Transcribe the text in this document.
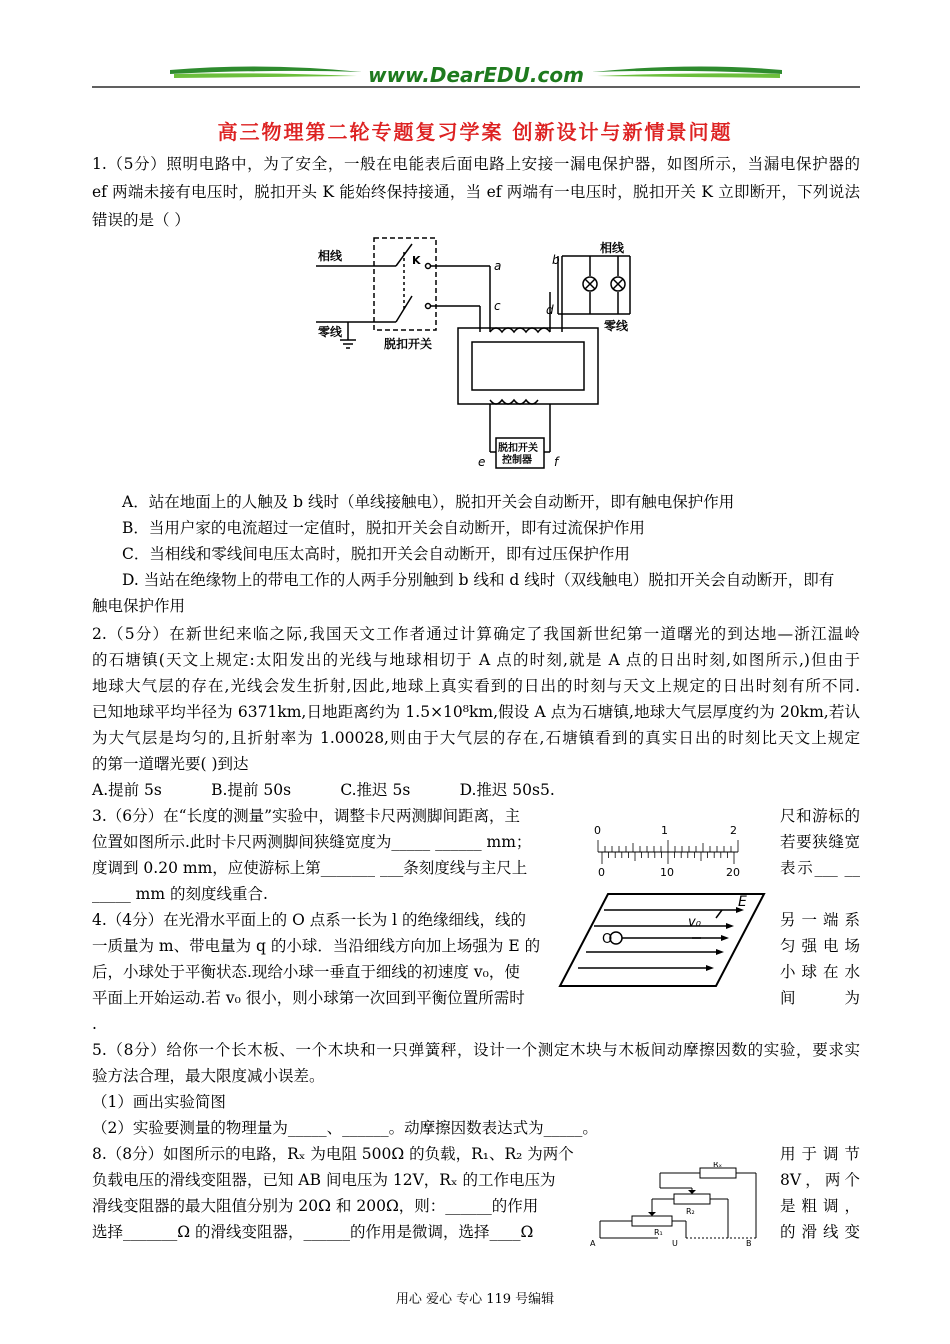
www.DearEDU.com
高三物理第二轮专题复习学案 创新设计与新情景问题
1.（5分）照明电路中，为了安全，一般在电能表后面电路上安接一漏电保护器，如图所示，当漏电保护器的
ef 两端未接有电压时，脱扣开头 K 能始终保持接通，当 ef 两端有一电压时，脱扣开关 K 立即断开，下列说法
错误的是（ ）
相线
零线
脱扣开关
K	a
c
b
d
相线
零线
脱扣开关
控制器
e	f
A．站在地面上的人触及 b 线时（单线接触电），脱扣开关会自动断开，即有触电保护作用
B．当用户家的电流超过一定值时，脱扣开关会自动断开，即有过流保护作用
C．当相线和零线间电压太高时，脱扣开关会自动断开，即有过压保护作用
D. 当站在绝缘物上的带电工作的人两手分别触到 b 线和 d 线时（双线触电）脱扣开关会自动断开，即有
触电保护作用
2.（5分）在新世纪来临之际,我国天文工作者通过计算确定了我国新世纪第一道曙光的到达地—浙江温岭
的石塘镇(天文上规定:太阳发出的光线与地球相切于 A 点的时刻,就是 A 点的日出时刻,如图所示,)但由于
地球大气层的存在,光线会发生折射,因此,地球上真实看到的日出的时刻与天文上规定的日出时刻有所不同.
已知地球平均半径为 6371km,日地距离约为 1.5×10⁸km,假设 A 点为石塘镇,地球大气层厚度约为 20km,若认
为大气层是均匀的,且折射率为 1.00028,则由于大气层的存在,石塘镇看到的真实日出的时刻比天文上规定
的第一道曙光要( )到达
A.提前 5s          B.提前 50s          C.推迟 5s          D.推迟 50s5.
3.（6分）在“长度的测量”实验中，调整卡尺两测脚间距离，主	尺和游标的
位置如图所示.此时卡尺两测脚间狭缝宽度为_____ ______ mm；	若要狭缝宽
度调到 0.20 mm，应使游标上第_______ ___条刻度线与主尺上	表示___ __
_____ mm 的刻度线重合.
0	1	2
0	10	20
4.（4分）在光滑水平面上的 O 点系一长为 l 的绝缘细线，线的	另一端系
一质量为 m、带电量为 q 的小球．当沿细线方向加上场强为 E 的	匀强电场
后，小球处于平衡状态.现给小球一垂直于细线的初速度 v₀，使	小球在水
平面上开始运动.若 v₀ 很小，则小球第一次回到平衡位置所需时	间为
.
O
v₀
E
5.（8分）给你一个长木板、一个木块和一只弹簧秤，设计一个测定木块与木板间动摩擦因数的实验，要求实
验方法合理，最大限度减小误差。
（1）画出实验简图
（2）实验要测量的物理量为_____、______。动摩擦因数表达式为_____。
8.（8分）如图所示的电路，Rₓ 为电阻 500Ω 的负载，R₁、R₂ 为两个	用于调节
负载电压的滑线变阻器，已知 AB 间电压为 12V，Rₓ 的工作电压为	8V，两个
滑线变阻器的最大阻值分别为 20Ω 和 200Ω，则：______的作用	是粗调，
选择_______Ω 的滑线变阻器，______的作用是微调，选择____Ω	的滑线变
Rₓ
R₂
R₁
A	U	B
用心 爱心 专心 119 号编辑
